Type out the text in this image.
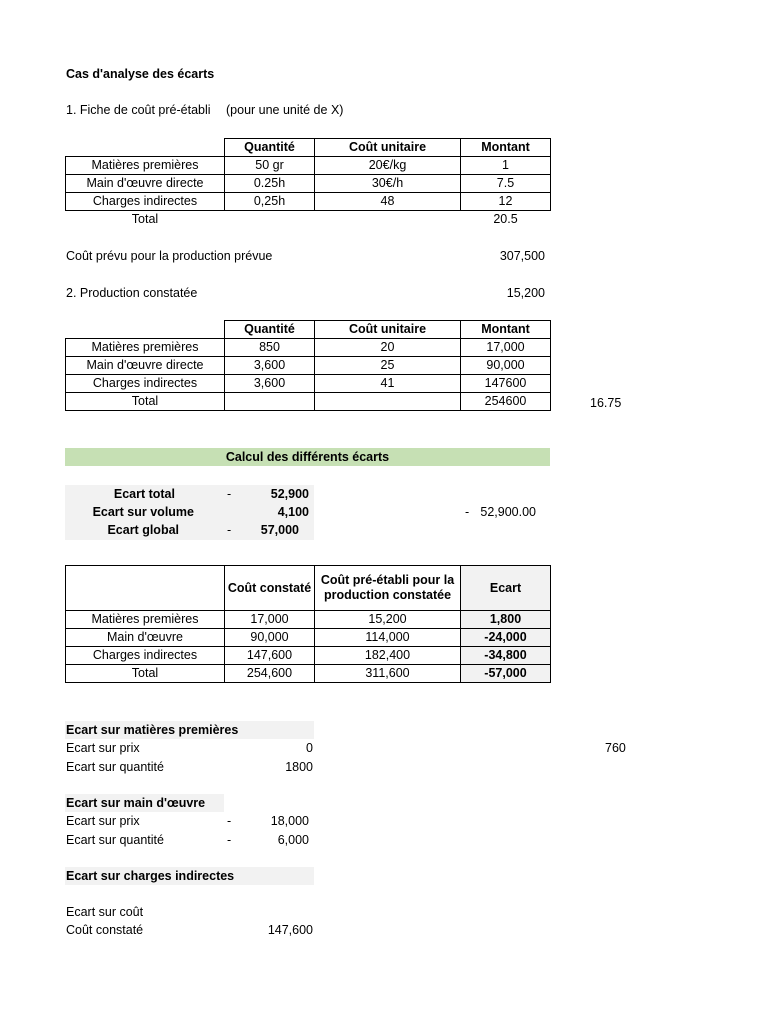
Cas d'analyse des écarts
1. Fiche de coût pré-établi (pour une unité de X)
	Quantité	Coût unitaire	Montant
Matières premières	50 gr	20€/kg	1
Main d'œuvre directe	0.25h	30€/h	7.5
Charges indirectes	0,25h	48	12
Total			20.5
Coût prévu pour la production prévue	307,500
2. Production constatée	15,200
	Quantité	Coût unitaire	Montant
Matières premières	850	20	17,000
Main d'œuvre directe	3,600	25	90,000
Charges indirectes	3,600	41	147600
Total			254600	16.75
Calcul des différents écarts
Ecart total	-	52,900
Ecart sur volume	4,100
Ecart global	-	57,000
- 52,900.00
	Coût constaté	Coût pré-établi pour la production constatée	Ecart
Matières premières	17,000	15,200	1,800
Main d'œuvre	90,000	114,000	-24,000
Charges indirectes	147,600	182,400	-34,800
Total	254,600	311,600	-57,000
Ecart sur matières premières
Ecart sur prix	0
Ecart sur quantité	1800
760
Ecart sur main d'œuvre
Ecart sur prix	-	18,000
Ecart sur quantité	-	6,000
Ecart sur charges indirectes
Ecart sur coût
Coût constaté	147,600
